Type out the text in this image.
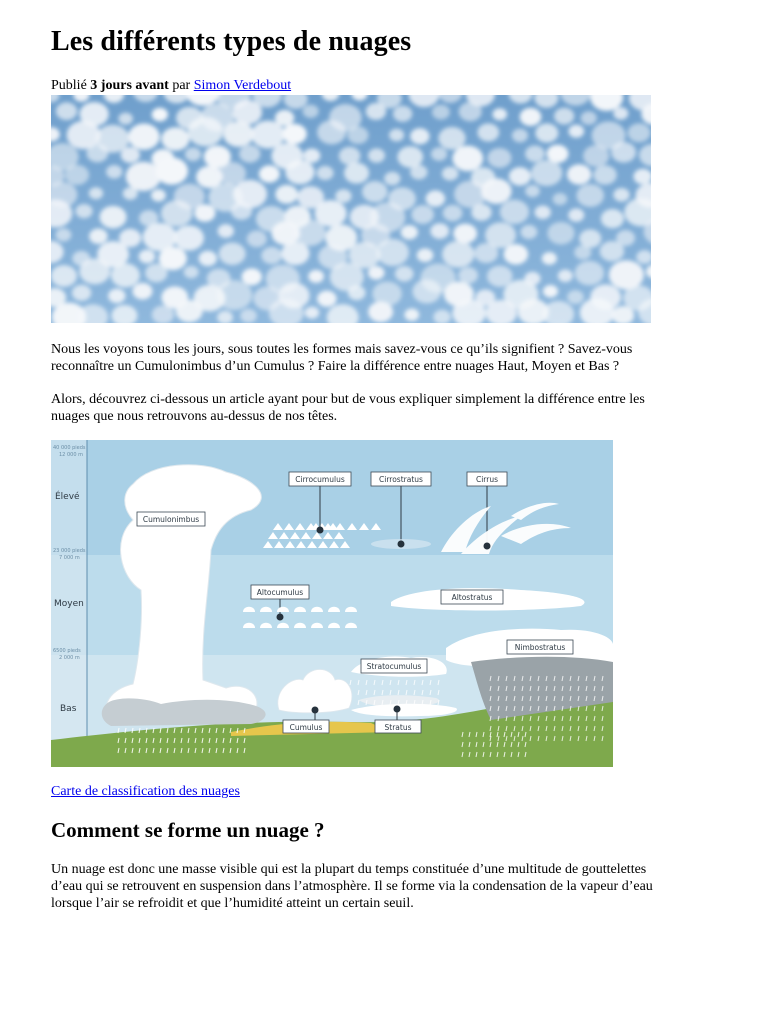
Les différents types de nuages
Publié 3 jours avant par Simon Verdebout
Nous les voyons tous les jours, sous toutes les formes mais savez-vous ce qu’ils signifient ? Savez-vous
reconnaître un Cumulonimbus d’un Cumulus ? Faire la différence entre nuages Haut, Moyen et Bas ?
Alors, découvrez ci-dessous un article ayant pour but de vous expliquer simplement la différence entre les
nuages que nous retrouvons au-dessus de nos têtes.
40 000 pieds
12 000 m
23 000 pieds
7 000 m
6500 pieds
2 000 m
Élevé
Moyen
Bas
Cumulonimbus
Cirrocumulus	Cirrostratus	Cirrus
Altocumulus
Altostratus
Nimbostratus
Stratocumulus
Cumulus	Stratus
Carte de classification des nuages
Comment se forme un nuage ?
Un nuage est donc une masse visible qui est la plupart du temps constituée d’une multitude de gouttelettes
d’eau qui se retrouvent en suspension dans l’atmosphère. Il se forme via la condensation de la vapeur d’eau
lorsque l’air se refroidit et que l’humidité atteint un certain seuil.
